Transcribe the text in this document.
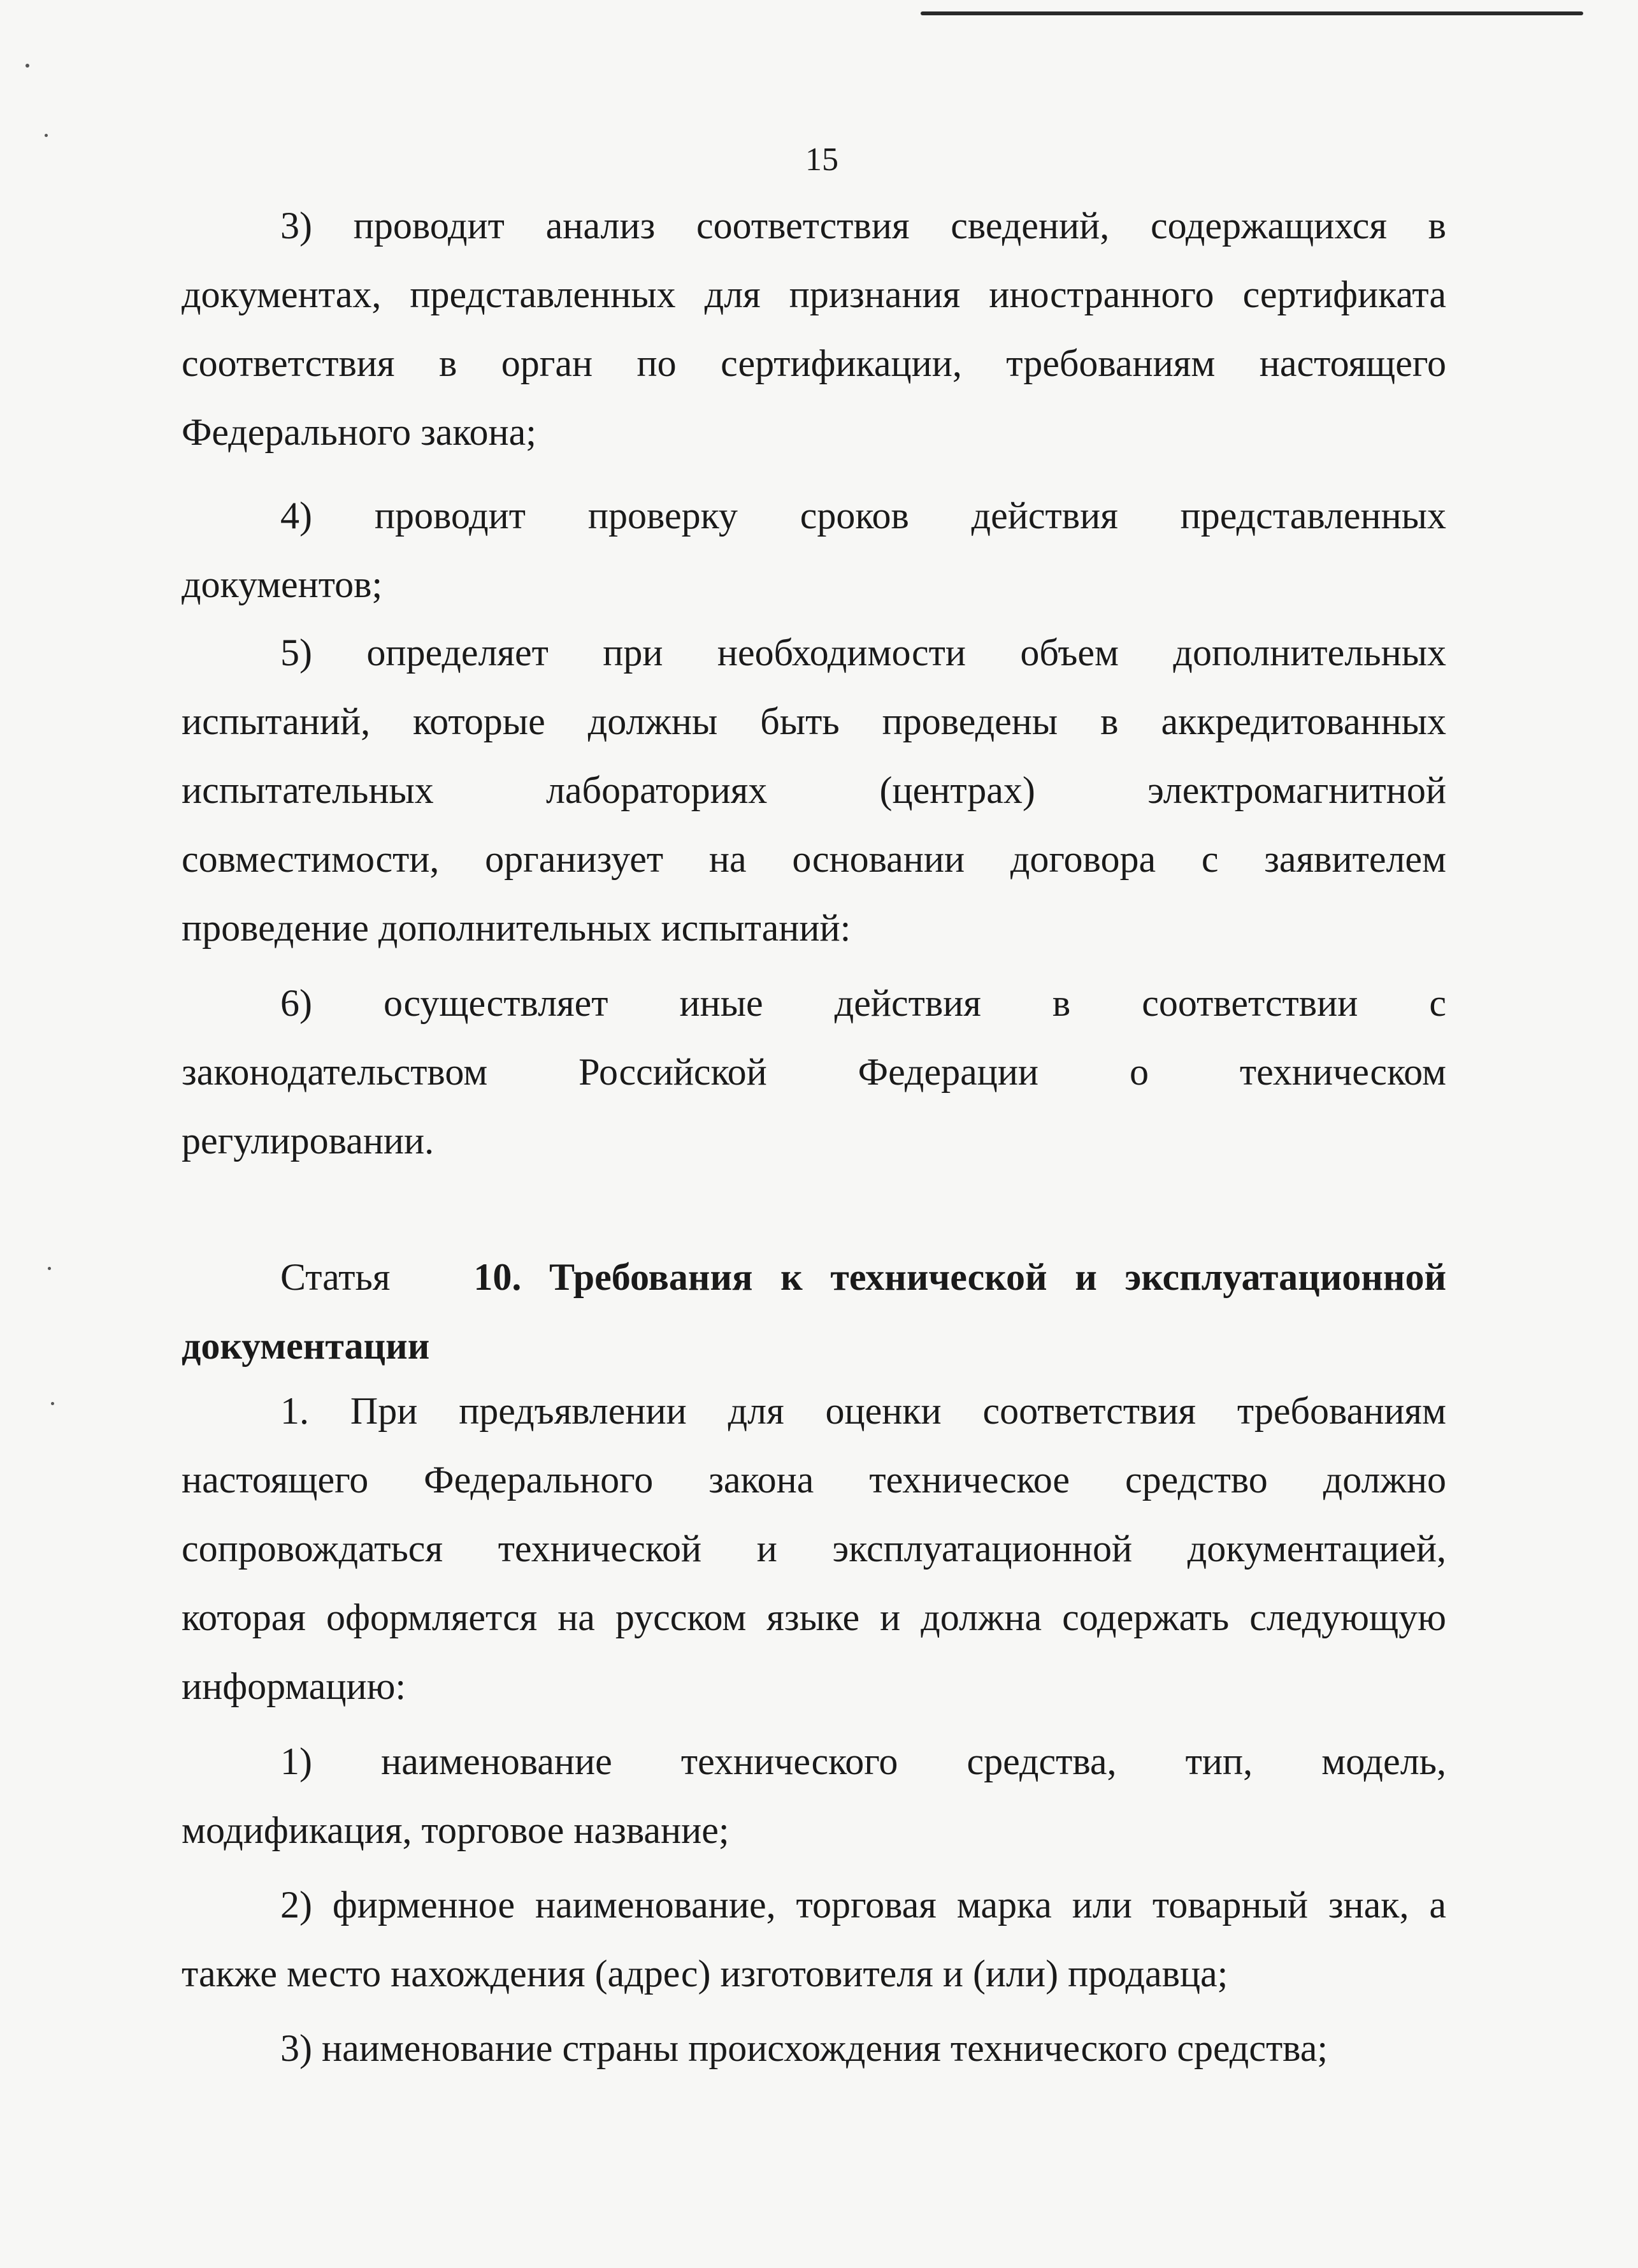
15
3) проводит анализ соответствия сведений, содержащихся в
документах, представленных для признания иностранного сертификата
соответствия в орган по сертификации, требованиям настоящего
Федерального закона;
4) проводит проверку сроков действия представленных
документов;
5) определяет при необходимости объем дополнительных
испытаний, которые должны быть проведены в аккредитованных
испытательных лабораториях (центрах) электромагнитной
совместимости, организует на основании договора с заявителем
проведение дополнительных испытаний:
6) осуществляет иные действия в соответствии с
законодательством Российской Федерации о техническом
регулировании.
Статья 10. Требования к технической и эксплуатационной
документации
1. При предъявлении для оценки соответствия требованиям
настоящего Федерального закона техническое средство должно
сопровождаться технической и эксплуатационной документацией,
которая оформляется на русском языке и должна содержать следующую
информацию:
1) наименование технического средства, тип, модель,
модификация, торговое название;
2) фирменное наименование, торговая марка или товарный знак, а
также место нахождения (адрес) изготовителя и (или) продавца;
3) наименование страны происхождения технического средства;
